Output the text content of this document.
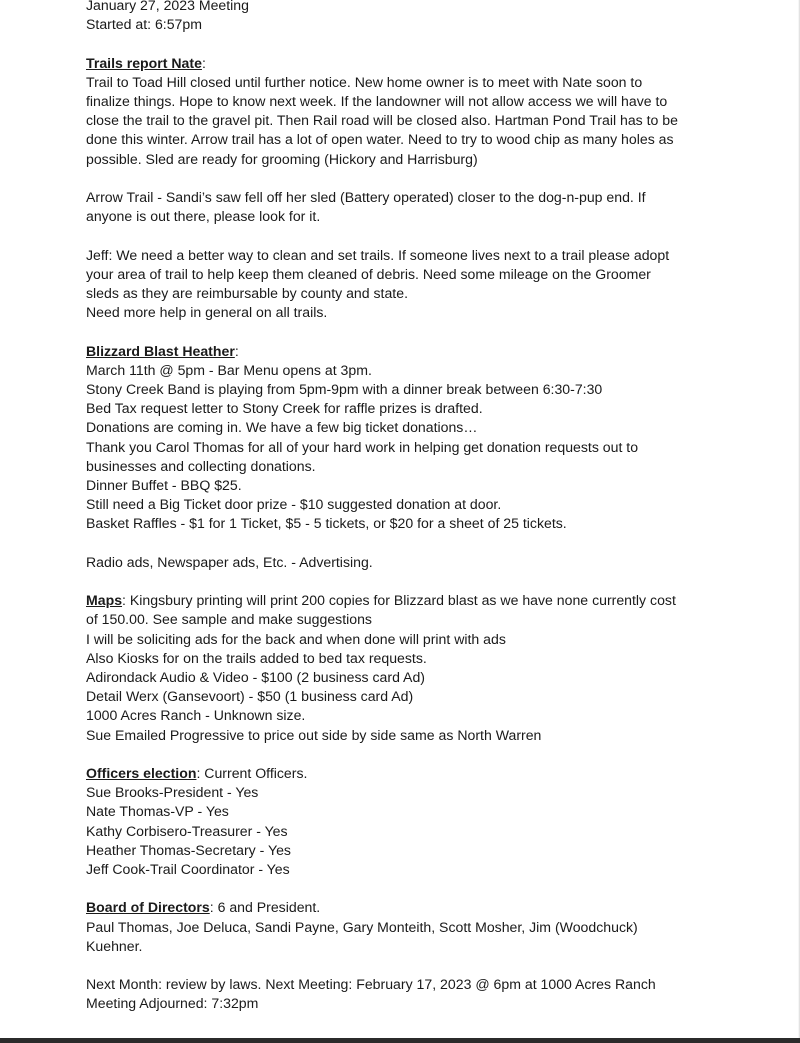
January 27, 2023 Meeting
Started at: 6:57pm
Trails report Nate:
Trail to Toad Hill closed until further notice. New home owner is to meet with Nate soon to
finalize things. Hope to know next week. If the landowner will not allow access we will have to
close the trail to the gravel pit. Then Rail road will be closed also. Hartman Pond Trail has to be
done this winter. Arrow trail has a lot of open water. Need to try to wood chip as many holes as
possible. Sled are ready for grooming (Hickory and Harrisburg)
Arrow Trail - Sandi’s saw fell off her sled (Battery operated) closer to the dog-n-pup end. If
anyone is out there, please look for it.
Jeff: We need a better way to clean and set trails. If someone lives next to a trail please adopt
your area of trail to help keep them cleaned of debris. Need some mileage on the Groomer
sleds as they are reimbursable by county and state.
Need more help in general on all trails.
Blizzard Blast Heather:
March 11th @ 5pm - Bar Menu opens at 3pm.
Stony Creek Band is playing from 5pm-9pm with a dinner break between 6:30-7:30
Bed Tax request letter to Stony Creek for raffle prizes is drafted.
Donations are coming in. We have a few big ticket donations…
Thank you Carol Thomas for all of your hard work in helping get donation requests out to
businesses and collecting donations.
Dinner Buffet - BBQ $25.
Still need a Big Ticket door prize - $10 suggested donation at door.
Basket Raffles - $1 for 1 Ticket, $5 - 5 tickets, or $20 for a sheet of 25 tickets.
Radio ads, Newspaper ads, Etc. - Advertising.
Maps: Kingsbury printing will print 200 copies for Blizzard blast as we have none currently cost
of 150.00. See sample and make suggestions
I will be soliciting ads for the back and when done will print with ads
Also Kiosks for on the trails added to bed tax requests.
Adirondack Audio & Video - $100 (2 business card Ad)
Detail Werx (Gansevoort) - $50 (1 business card Ad)
1000 Acres Ranch - Unknown size.
Sue Emailed Progressive to price out side by side same as North Warren
Officers election: Current Officers.
Sue Brooks-President - Yes
Nate Thomas-VP - Yes
Kathy Corbisero-Treasurer - Yes
Heather Thomas-Secretary - Yes
Jeff Cook-Trail Coordinator - Yes
Board of Directors: 6 and President.
Paul Thomas, Joe Deluca, Sandi Payne, Gary Monteith, Scott Mosher, Jim (Woodchuck)
Kuehner.
Next Month: review by laws. Next Meeting: February 17, 2023 @ 6pm at 1000 Acres Ranch
Meeting Adjourned: 7:32pm
